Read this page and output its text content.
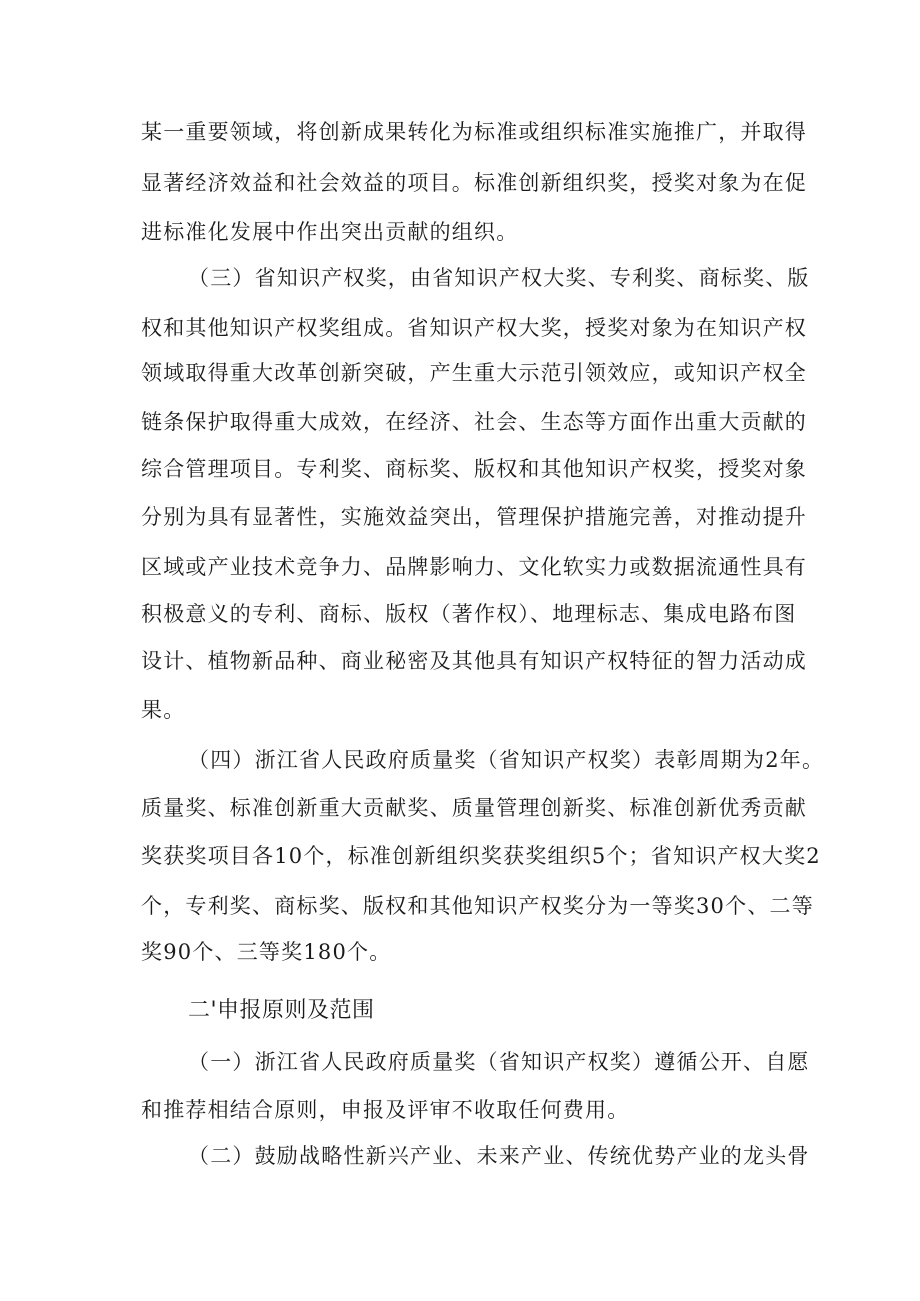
某一重要领域，将创新成果转化为标准或组织标准实施推广，并取得
显著经济效益和社会效益的项目。标准创新组织奖，授奖对象为在促
进标准化发展中作出突出贡献的组织。
（三）省知识产权奖，由省知识产权大奖、专利奖、商标奖、版
权和其他知识产权奖组成。省知识产权大奖，授奖对象为在知识产权
领域取得重大改革创新突破，产生重大示范引领效应，或知识产权全
链条保护取得重大成效，在经济、社会、生态等方面作出重大贡献的
综合管理项目。专利奖、商标奖、版权和其他知识产权奖，授奖对象
分别为具有显著性，实施效益突出，管理保护措施完善，对推动提升
区域或产业技术竞争力、品牌影响力、文化软实力或数据流通性具有
积极意义的专利、商标、版权（著作权）、地理标志、集成电路布图
设计、植物新品种、商业秘密及其他具有知识产权特征的智力活动成
果。
（四）浙江省人民政府质量奖（省知识产权奖）表彰周期为2年。
质量奖、标准创新重大贡献奖、质量管理创新奖、标准创新优秀贡献
奖获奖项目各10个，标准创新组织奖获奖组织5个；省知识产权大奖2
个，专利奖、商标奖、版权和其他知识产权奖分为一等奖30个、二等
奖90个、三等奖180个。
二'申报原则及范围
（一）浙江省人民政府质量奖（省知识产权奖）遵循公开、自愿
和推荐相结合原则，申报及评审不收取任何费用。
（二）鼓励战略性新兴产业、未来产业、传统优势产业的龙头骨
